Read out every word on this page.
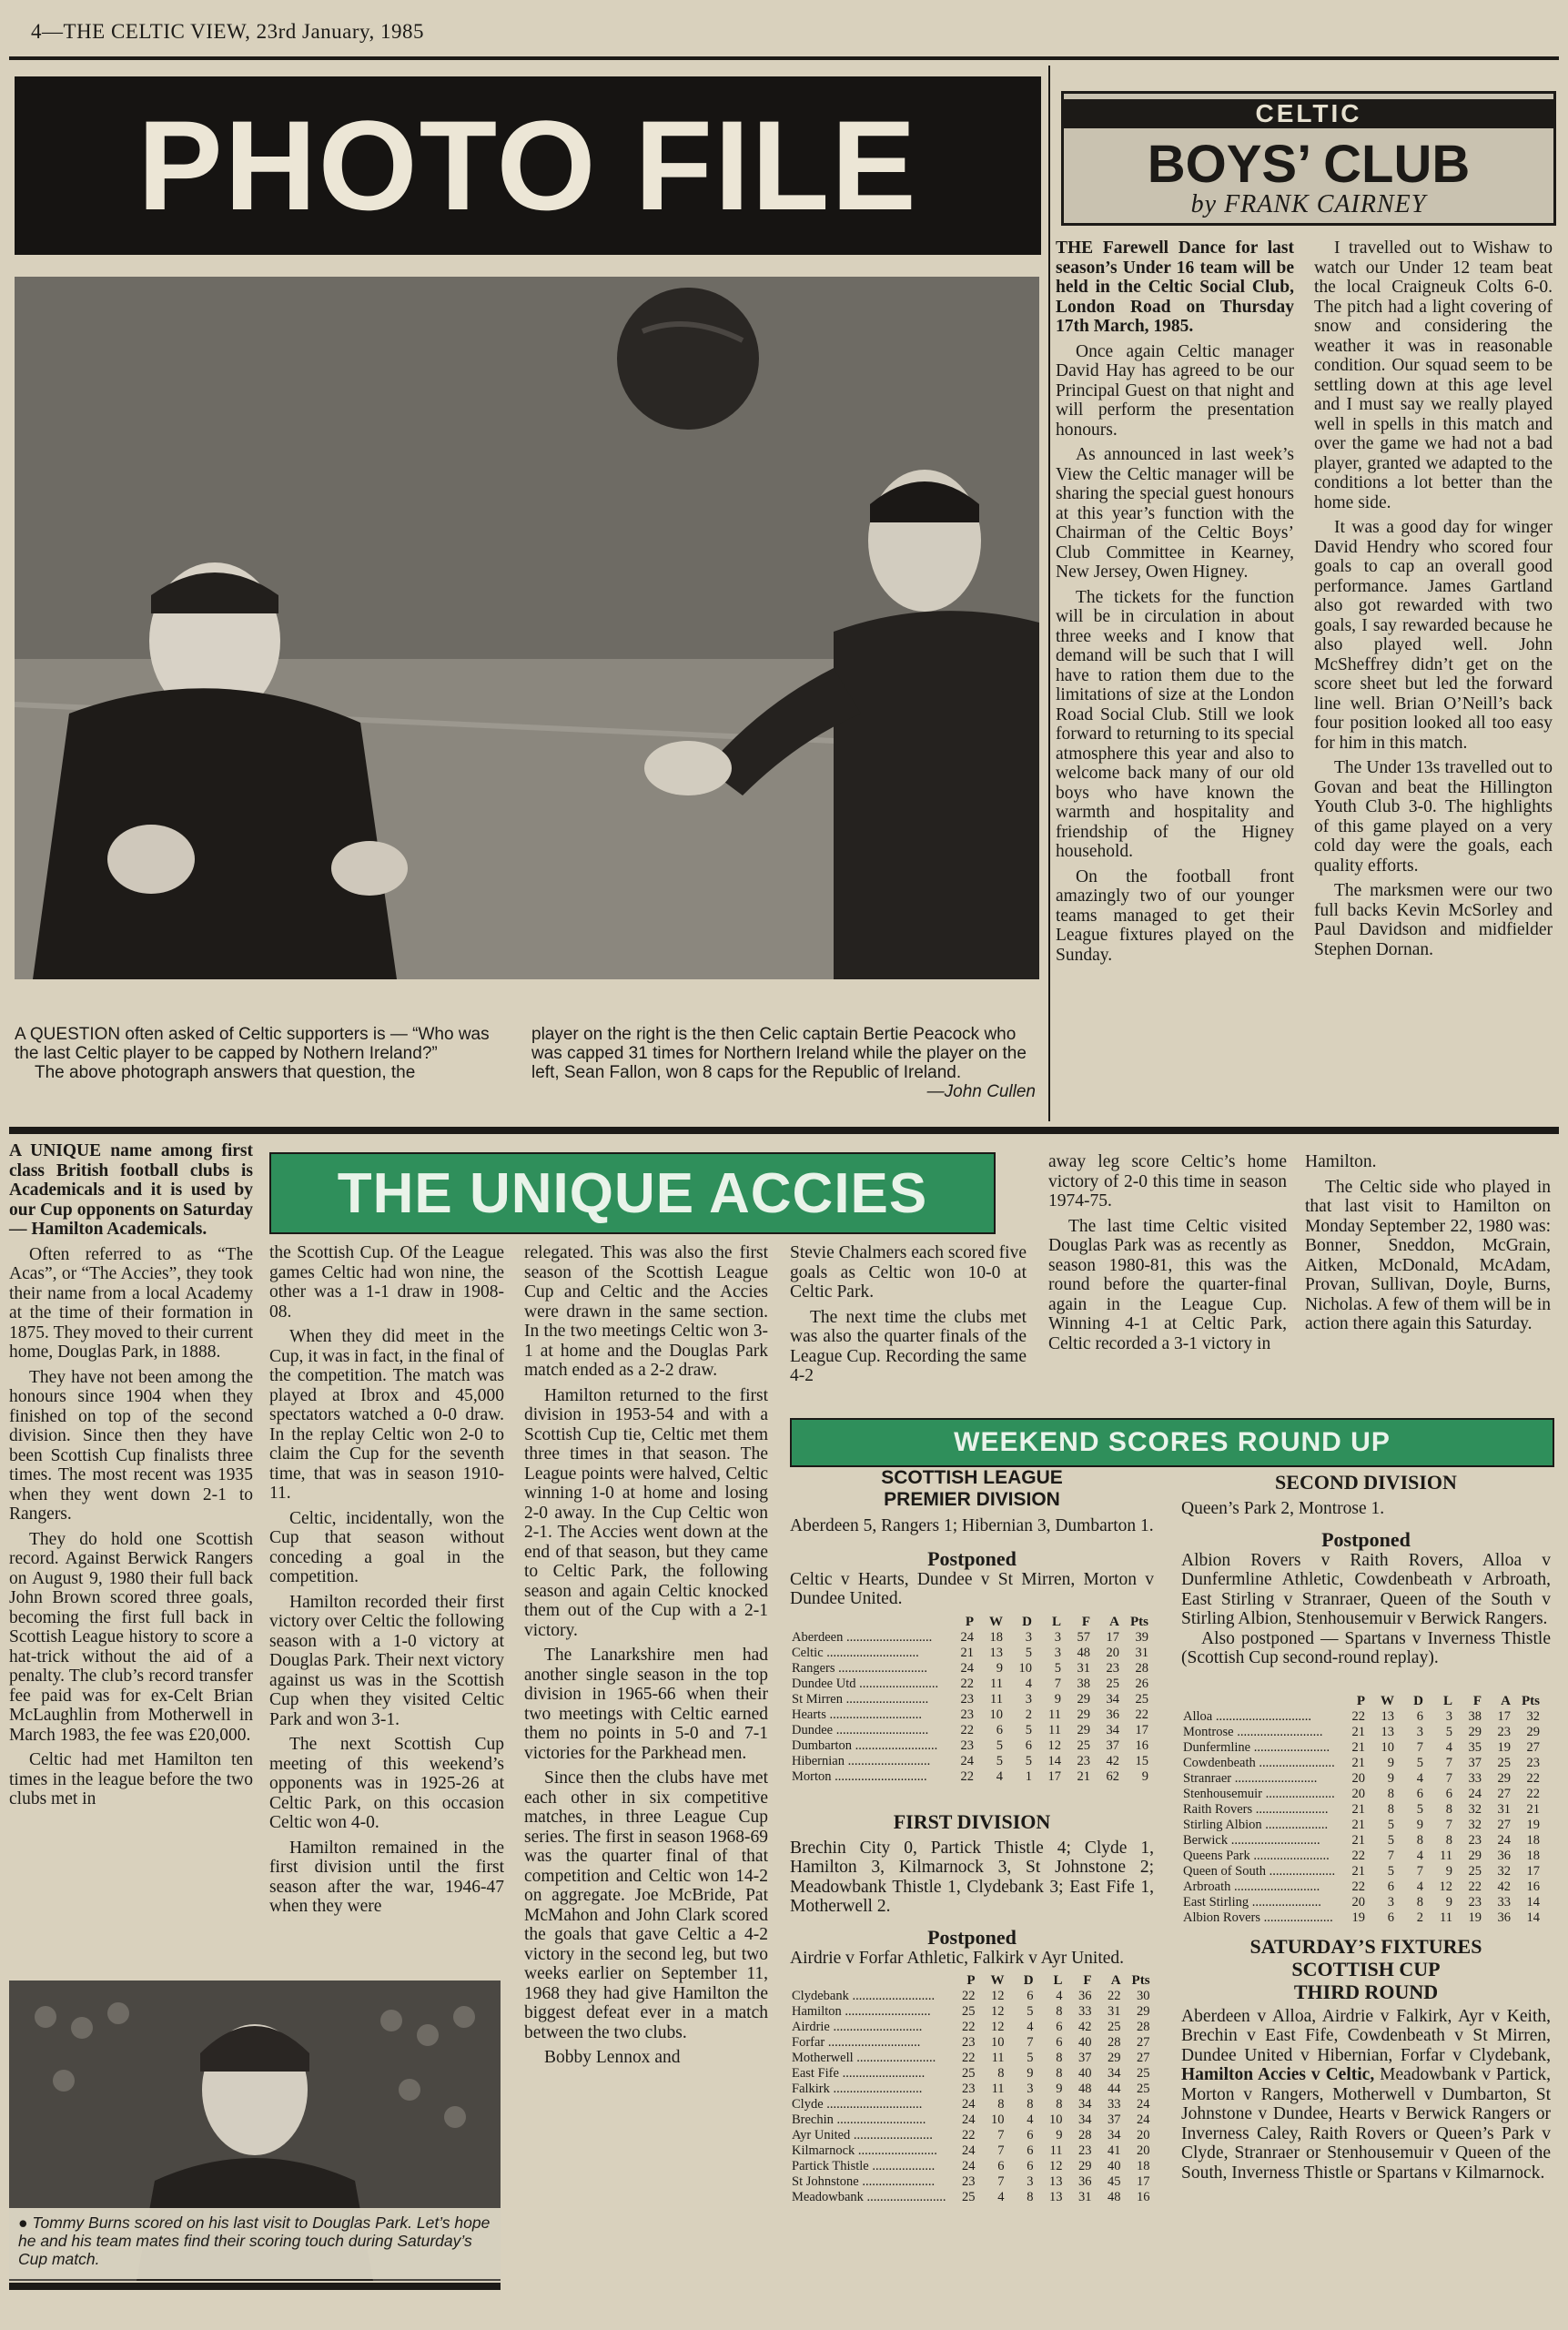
4—THE CELTIC VIEW, 23rd January, 1985
PHOTO FILE

A QUESTION often asked of Celtic supporters is — “Who was the last Celtic player to be capped by Nothern Ireland?”

The above photograph answers that question, the

player on the right is the then Celic captain Bertie Peacock who was capped 31 times for Northern Ireland while the player on the left, Sean Fallon, won 8 caps for the Republic of Ireland.

—John Cullen

CELTIC
BOYS’ CLUB
by FRANK CAIRNEY

THE Farewell Dance for last season’s Under 16 team will be held in the Celtic Social Club, London Road on Thursday 17th March, 1985.

Once again Celtic manager David Hay has agreed to be our Principal Guest on that night and will perform the presentation honours.

As announced in last week’s View the Celtic manager will be sharing the special guest honours at this year’s function with the Chairman of the Celtic Boys’ Club Committee in Kearney, New Jersey, Owen Higney.

The tickets for the function will be in circulation in about three weeks and I know that demand will be such that I will have to ration them due to the limitations of size at the London Road Social Club. Still we look forward to returning to its special atmosphere this year and also to welcome back many of our old boys who have known the warmth and hospitality and friendship of the Higney household.

On the football front amazingly two of our younger teams managed to get their League fixtures played on the Sunday.

I travelled out to Wishaw to watch our Under 12 team beat the local Craigneuk Colts 6-0. The pitch had a light covering of snow and considering the weather it was in reasonable condition. Our squad seem to be settling down at this age level and I must say we really played well in spells in this match and over the game we had not a bad player, granted we adapted to the conditions a lot better than the home side.

It was a good day for winger David Hendry who scored four goals to cap an overall good performance. James Gartland also got rewarded with two goals, I say rewarded because he also played well. John McSheffrey didn’t get on the score sheet but led the forward line well. Brian O’Neill’s back four position looked all too easy for him in this match.

The Under 13s travelled out to Govan and beat the Hillington Youth Club 3-0. The highlights of this game played on a very cold day were the goals, each quality efforts.

The marksmen were our two full backs Kevin McSorley and Paul Davidson and midfielder Stephen Dornan.

THE UNIQUE ACCIES

A UNIQUE name among first class British football clubs is Academicals and it is used by our Cup opponents on Saturday — Hamilton Academicals.

Often referred to as “The Acas”, or “The Accies”, they took their name from a local Academy at the time of their formation in 1875. They moved to their current home, Douglas Park, in 1888.

They have not been among the honours since 1904 when they finished on top of the second division. Since then they have been Scottish Cup finalists three times. The most recent was 1935 when they went down 2-1 to Rangers.

They do hold one Scottish record. Against Berwick Rangers on August 9, 1980 their full back John Brown scored three goals, becoming the first full back in Scottish League history to score a hat-trick without the aid of a penalty. The club’s record transfer fee paid was for ex-Celt Brian McLaughlin from Motherwell in March 1983, the fee was £20,000.

Celtic had met Hamilton ten times in the league before the two clubs met in

the Scottish Cup. Of the League games Celtic had won nine, the other was a 1-1 draw in 1908-08.

When they did meet in the Cup, it was in fact, in the final of the competition. The match was played at Ibrox and 45,000 spectators watched a 0-0 draw. In the replay Celtic won 2-0 to claim the Cup for the seventh time, that was in season 1910-11.

Celtic, incidentally, won the Cup that season without conceding a goal in the competition.

Hamilton recorded their first victory over Celtic the following season with a 1-0 victory at Douglas Park. Their next victory against us was in the Scottish Cup when they visited Celtic Park and won 3-1.

The next Scottish Cup meeting of this weekend’s opponents was in 1925-26 at Celtic Park, on this occasion Celtic won 4-0.

Hamilton remained in the first division until the first season after the war, 1946-47 when they were

relegated. This was also the first season of the Scottish League Cup and Celtic and the Accies were drawn in the same section. In the two meetings Celtic won 3-1 at home and the Douglas Park match ended as a 2-2 draw.

Hamilton returned to the first division in 1953-54 and with a Scottish Cup tie, Celtic met them three times in that season. The League points were halved, Celtic winning 1-0 at home and losing 2-0 away. In the Cup Celtic won 2-1. The Accies went down at the end of that season, but they came to Celtic Park, the following season and again Celtic knocked them out of the Cup with a 2-1 victory.

The Lanarkshire men had another single season in the top division in 1965-66 when their two meetings with Celtic earned them no points in 5-0 and 7-1 victories for the Parkhead men.

Since then the clubs have met each other in six competitive matches, in three League Cup series. The first in season 1968-69 was the quarter final of that competition and Celtic won 14-2 on aggregate. Joe McBride, Pat McMahon and John Clark scored the goals that gave Celtic a 4-2 victory in the second leg, but two weeks earlier on September 11, 1968 they had give Hamilton the biggest defeat ever in a match between the two clubs.

Bobby Lennox and

Stevie Chalmers each scored five goals as Celtic won 10-0 at Celtic Park.

The next time the clubs met was also the quarter finals of the League Cup. Recording the same 4-2

away leg score Celtic’s home victory of 2-0 this time in season 1974-75.

The last time Celtic visited Douglas Park was as recently as season 1980-81, this was the round before the quarter-final again in the League Cup. Winning 4-1 at Celtic Park, Celtic recorded a 3-1 victory in

Hamilton.

The Celtic side who played in that last visit to Hamilton on Monday September 22, 1980 was: Bonner, Sneddon, McGrain, Aitken, McDonald, McAdam, Provan, Sullivan, Doyle, Burns, Nicholas. A few of them will be in action there again this Saturday.

● Tommy Burns scored on his last visit to Douglas Park. Let’s hope he and his team mates find their scoring touch during Saturday’s Cup match.
WEEKEND SCORES ROUND UP
SCOTTISH LEAGUE
PREMIER DIVISION

Aberdeen 5, Rangers 1; Hibernian 3, Dumbarton 1.

Postponed

Celtic v Hearts, Dundee v St Mirren, Morton v Dundee United.

	P	W	D	L	F	A	Pts
Aberdeen ..........................	24	18	3	3	57	17	39
Celtic ............................	21	13	5	3	48	20	31
Rangers ...........................	24	9	10	5	31	23	28
Dundee Utd ........................	22	11	4	7	38	25	26
St Mirren .........................	23	11	3	9	29	34	25
Hearts ............................	23	10	2	11	29	36	22
Dundee ............................	22	6	5	11	29	34	17
Dumbarton .........................	23	5	6	12	25	37	16
Hibernian .........................	24	5	5	14	23	42	15
Morton ............................	22	4	1	17	21	62	9
FIRST DIVISION

Brechin City 0, Partick Thistle 4; Clyde 1, Hamilton 3, Kilmarnock 3, St Johnstone 2; Meadowbank Thistle 1, Clydebank 3; East Fife 1, Motherwell 2.

Postponed

Airdrie v Forfar Athletic, Falkirk v Ayr United.

	P	W	D	L	F	A	Pts
Clydebank .........................	22	12	6	4	36	22	30
Hamilton ..........................	25	12	5	8	33	31	29
Airdrie ...........................	22	12	4	6	42	25	28
Forfar ............................	23	10	7	6	40	28	27
Motherwell ........................	22	11	5	8	37	29	27
East Fife .........................	25	8	9	8	40	34	25
Falkirk ...........................	23	11	3	9	48	44	25
Clyde .............................	24	8	8	8	34	33	24
Brechin ...........................	24	10	4	10	34	37	24
Ayr United ........................	22	7	6	9	28	34	20
Kilmarnock ........................	24	7	6	11	23	41	20
Partick Thistle ...................	24	6	6	12	29	40	18
St Johnstone ......................	23	7	3	13	36	45	17
Meadowbank ........................	25	4	8	13	31	48	16
SECOND DIVISION

Queen’s Park 2, Montrose 1.

Postponed

Albion Rovers v Raith Rovers, Alloa v Dunfermline Athletic, Cowdenbeath v Arbroath, East Stirling v Stranraer, Queen of the South v Stirling Albion, Stenhousemuir v Berwick Rangers.

Also postponed — Spartans v Inverness Thistle (Scottish Cup second-round replay).

	P	W	D	L	F	A	Pts
Alloa .............................	22	13	6	3	38	17	32
Montrose ..........................	21	13	3	5	29	23	29
Dunfermline .......................	21	10	7	4	35	19	27
Cowdenbeath .......................	21	9	5	7	37	25	23
Stranraer .........................	20	9	4	7	33	29	22
Stenhousemuir .....................	20	8	6	6	24	27	22
Raith Rovers ......................	21	8	5	8	32	31	21
Stirling Albion ...................	21	5	9	7	32	27	19
Berwick ...........................	21	5	8	8	23	24	18
Queens Park .......................	22	7	4	11	29	36	18
Queen of South ....................	21	5	7	9	25	32	17
Arbroath ..........................	22	6	4	12	22	42	16
East Stirling .....................	20	3	8	9	23	33	14
Albion Rovers .....................	19	6	2	11	19	36	14
SATURDAY’S FIXTURES
SCOTTISH CUP
THIRD ROUND

Aberdeen v Alloa, Airdrie v Falkirk, Ayr v Keith, Brechin v East Fife, Cowdenbeath v St Mirren, Dundee United v Hibernian, Forfar v Clydebank, Hamilton Accies v Celtic, Meadowbank v Partick, Morton v Rangers, Motherwell v Dumbarton, St Johnstone v Dundee, Hearts v Berwick Rangers or Inverness Caley, Raith Rovers or Queen’s Park v Clyde, Stranraer or Stenhousemuir v Queen of the South, Inverness Thistle or Spartans v Kilmarnock.
